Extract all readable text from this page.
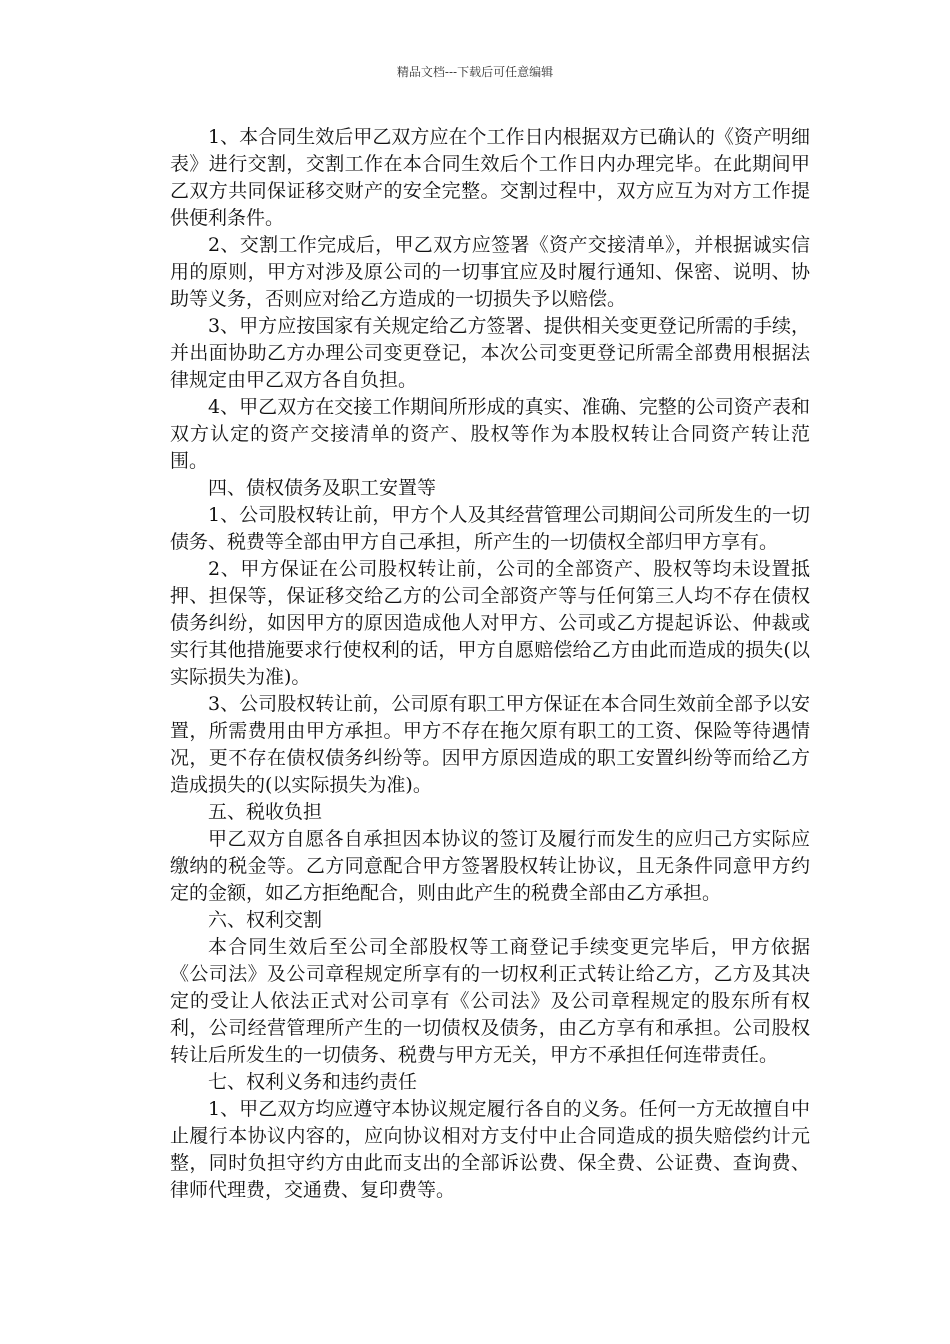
精品文档---下载后可任意编辑

1、本合同生效后甲乙双方应在个工作日内根据双方已确认的《资产明细表》进行交割，交割工作在本合同生效后个工作日内办理完毕。在此期间甲乙双方共同保证移交财产的安全完整。交割过程中，双方应互为对方工作提供便利条件。

2、交割工作完成后，甲乙双方应签署《资产交接清单》，并根据诚实信用的原则，甲方对涉及原公司的一切事宜应及时履行通知、保密、说明、协助等义务，否则应对给乙方造成的一切损失予以赔偿。

3、甲方应按国家有关规定给乙方签署、提供相关变更登记所需的手续，并出面协助乙方办理公司变更登记，本次公司变更登记所需全部费用根据法律规定由甲乙双方各自负担。

4、甲乙双方在交接工作期间所形成的真实、准确、完整的公司资产表和双方认定的资产交接清单的资产、股权等作为本股权转让合同资产转让范围。

四、债权债务及职工安置等

1、公司股权转让前，甲方个人及其经营管理公司期间公司所发生的一切债务、税费等全部由甲方自己承担，所产生的一切债权全部归甲方享有。

2、甲方保证在公司股权转让前，公司的全部资产、股权等均未设置抵押、担保等，保证移交给乙方的公司全部资产等与任何第三人均不存在债权债务纠纷，如因甲方的原因造成他人对甲方、公司或乙方提起诉讼、仲裁或实行其他措施要求行使权利的话，甲方自愿赔偿给乙方由此而造成的损失(以实际损失为准)。

3、公司股权转让前，公司原有职工甲方保证在本合同生效前全部予以安置，所需费用由甲方承担。甲方不存在拖欠原有职工的工资、保险等待遇情况，更不存在债权债务纠纷等。因甲方原因造成的职工安置纠纷等而给乙方造成损失的(以实际损失为准)。

五、税收负担

甲乙双方自愿各自承担因本协议的签订及履行而发生的应归己方实际应缴纳的税金等。乙方同意配合甲方签署股权转让协议，且无条件同意甲方约定的金额，如乙方拒绝配合，则由此产生的税费全部由乙方承担。

六、权利交割

本合同生效后至公司全部股权等工商登记手续变更完毕后，甲方依据《公司法》及公司章程规定所享有的一切权利正式转让给乙方，乙方及其决定的受让人依法正式对公司享有《公司法》及公司章程规定的股东所有权利，公司经营管理所产生的一切债权及债务，由乙方享有和承担。公司股权转让后所发生的一切债务、税费与甲方无关，甲方不承担任何连带责任。

七、权利义务和违约责任

1、甲乙双方均应遵守本协议规定履行各自的义务。任何一方无故擅自中止履行本协议内容的，应向协议相对方支付中止合同造成的损失赔偿约计元整，同时负担守约方由此而支出的全部诉讼费、保全费、公证费、查询费、律师代理费，交通费、复印费等。
